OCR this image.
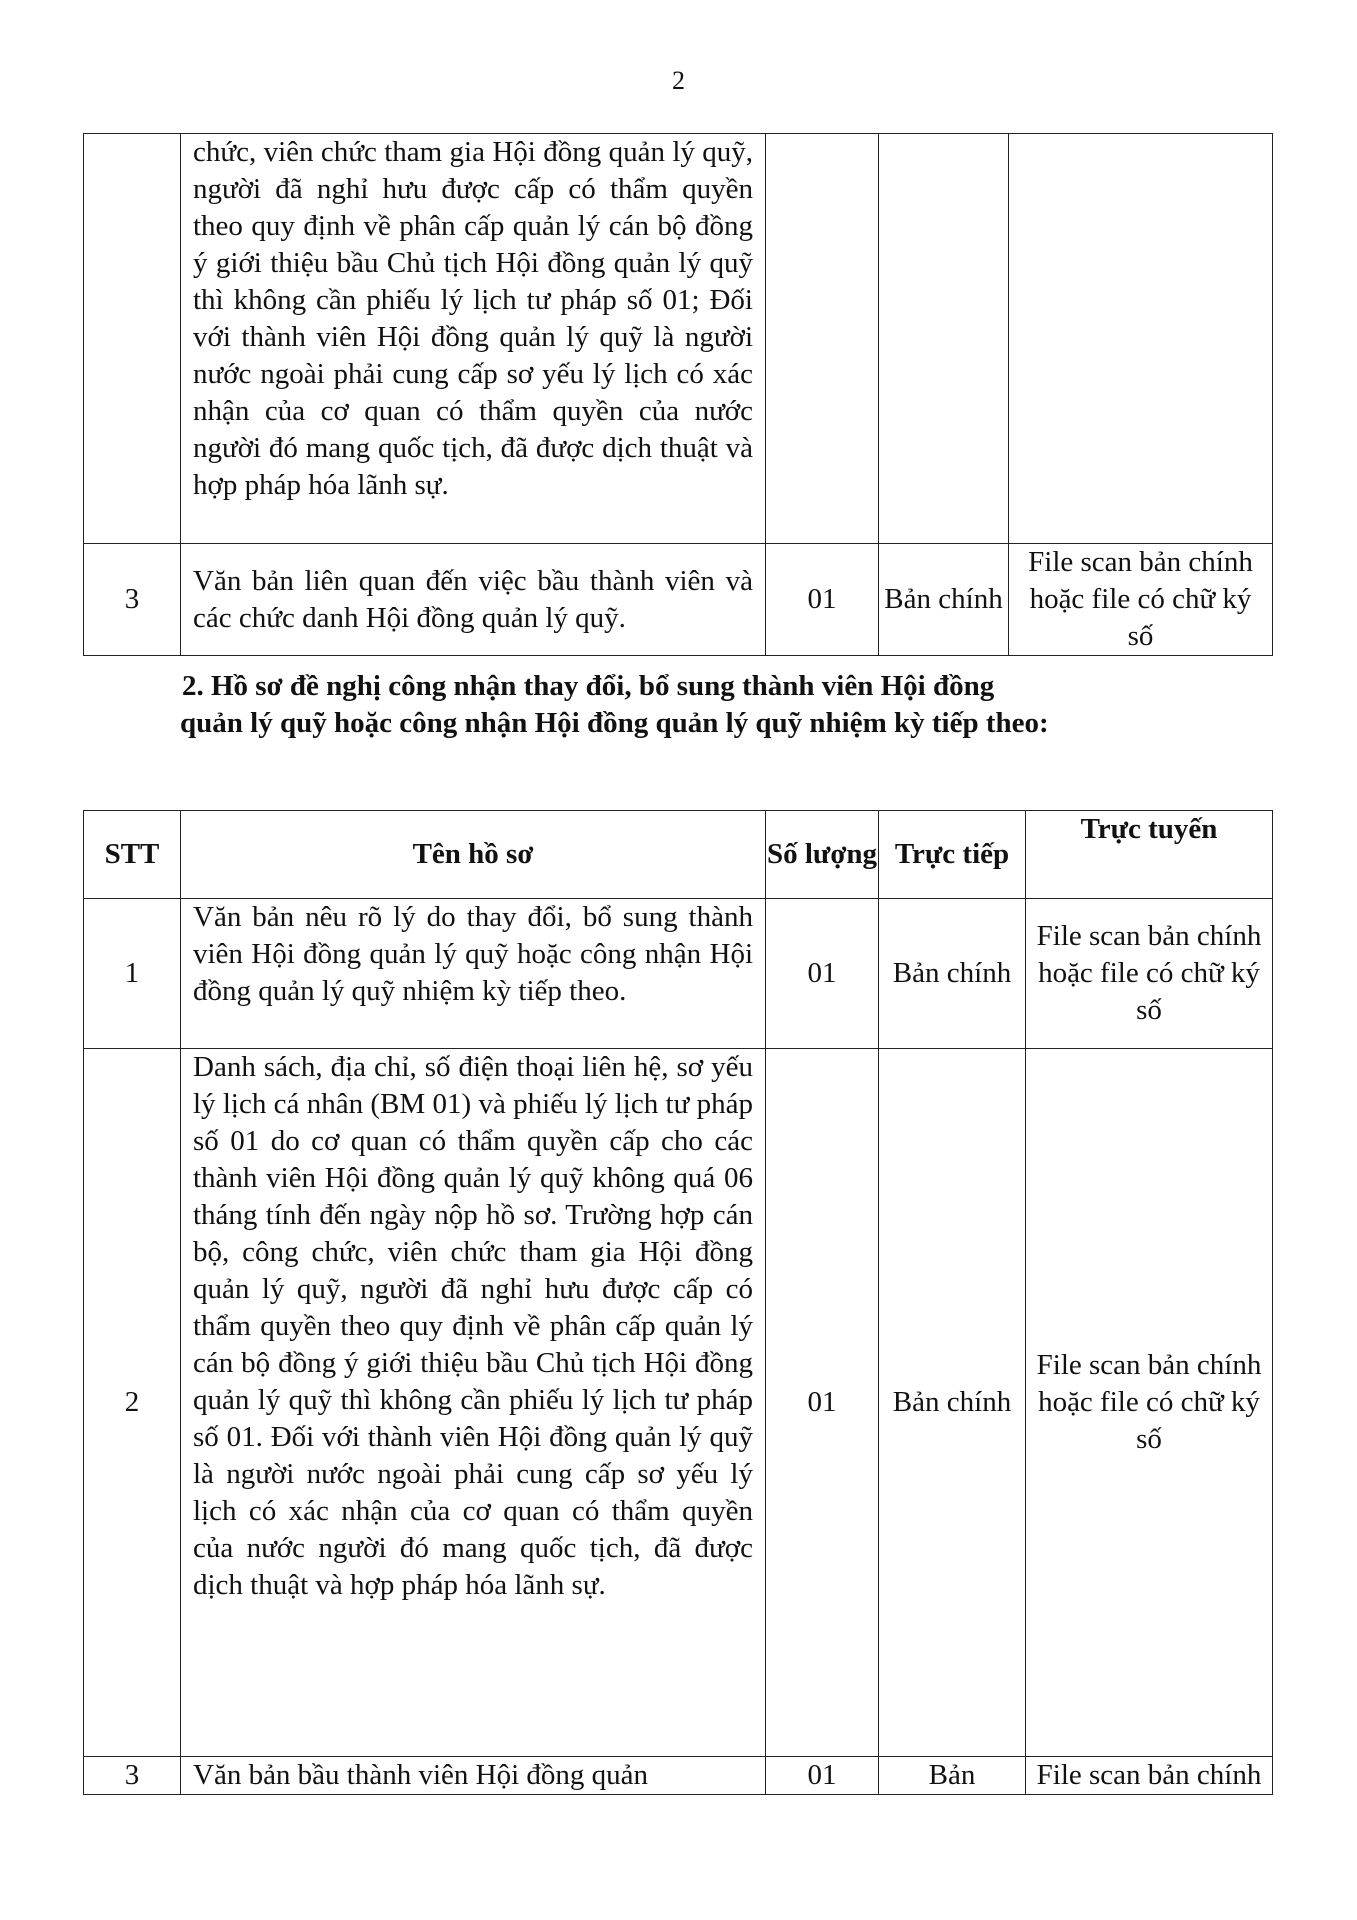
2
	chức, viên chức tham gia Hội đồng quản lý quỹ, người đã nghỉ hưu được cấp có thẩm quyền theo quy định về phân cấp quản lý cán bộ đồng ý giới thiệu bầu Chủ tịch Hội đồng quản lý quỹ thì không cần phiếu lý lịch tư pháp số 01; Đối với thành viên Hội đồng quản lý quỹ là người nước ngoài phải cung cấp sơ yếu lý lịch có xác nhận của cơ quan có thẩm quyền của nước người đó mang quốc tịch, đã được dịch thuật và hợp pháp hóa lãnh sự.			
3	Văn bản liên quan đến việc bầu thành viên và các chức danh Hội đồng quản lý quỹ.	01	Bản chính	File scan bản chính hoặc file có chữ ký số
2. Hồ sơ đề nghị công nhận thay đổi, bổ sung thành viên Hội đồng
quản lý quỹ hoặc công nhận Hội đồng quản lý quỹ nhiệm kỳ tiếp theo:
STT	Tên hồ sơ	Số lượng	Trực tiếp	Trực tuyến
1	Văn bản nêu rõ lý do thay đổi, bổ sung thành viên Hội đồng quản lý quỹ hoặc công nhận Hội đồng quản lý quỹ nhiệm kỳ tiếp theo.	01	Bản chính	File scan bản chính hoặc file có chữ ký số
2	Danh sách, địa chỉ, số điện thoại liên hệ, sơ yếu lý lịch cá nhân (BM 01) và phiếu lý lịch tư pháp số 01 do cơ quan có thẩm quyền cấp cho các thành viên Hội đồng quản lý quỹ không quá 06 tháng tính đến ngày nộp hồ sơ. Trường hợp cán bộ, công chức, viên chức tham gia Hội đồng quản lý quỹ, người đã nghỉ hưu được cấp có thẩm quyền theo quy định về phân cấp quản lý cán bộ đồng ý giới thiệu bầu Chủ tịch Hội đồng quản lý quỹ thì không cần phiếu lý lịch tư pháp số 01. Đối với thành viên Hội đồng quản lý quỹ là người nước ngoài phải cung cấp sơ yếu lý lịch có xác nhận của cơ quan có thẩm quyền của nước người đó mang quốc tịch, đã được dịch thuật và hợp pháp hóa lãnh sự.	01	Bản chính	File scan bản chính hoặc file có chữ ký số
3	Văn bản bầu thành viên Hội đồng quản	01	Bản	File scan bản chính
